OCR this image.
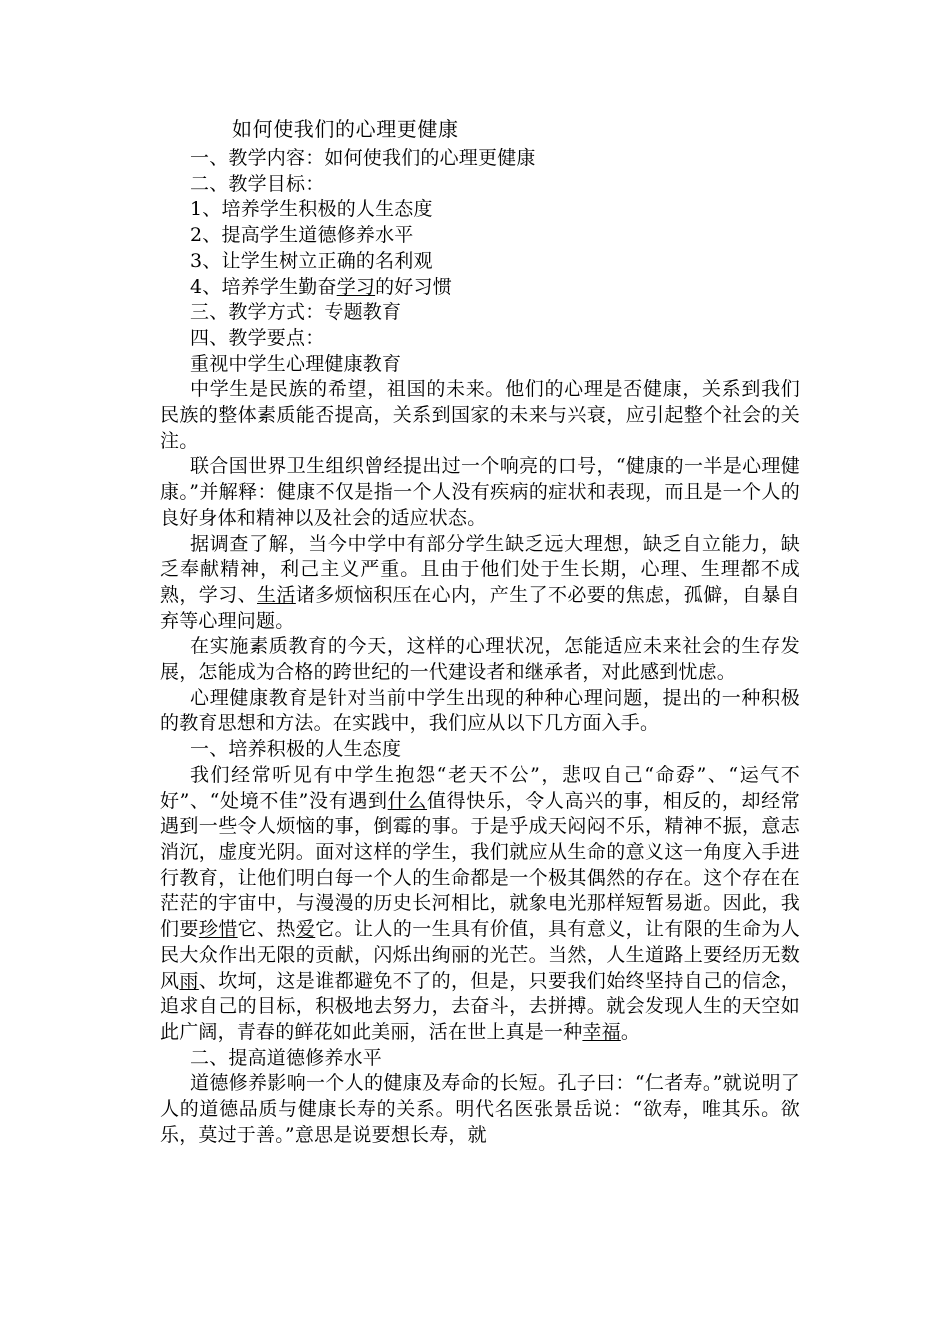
如何使我们的心理更健康

一、教学内容：如何使我们的心理更健康

二、教学目标：

1、培养学生积极的人生态度

2、提高学生道德修养水平

3、让学生树立正确的名利观

4、培养学生勤奋学习的好习惯

三、教学方式：专题教育

四、教学要点：

重视中学生心理健康教育

中学生是民族的希望，祖国的未来。他们的心理是否健康，关系到我们民族的整体素质能否提高，关系到国家的未来与兴衰，应引起整个社会的关注。

联合国世界卫生组织曾经提出过一个响亮的口号，“健康的一半是心理健康。”并解释：健康不仅是指一个人没有疾病的症状和表现，而且是一个人的良好身体和精神以及社会的适应状态。

据调查了解，当今中学中有部分学生缺乏远大理想，缺乏自立能力，缺乏奉献精神，利己主义严重。且由于他们处于生长期，心理、生理都不成熟，学习、生活诸多烦恼积压在心内，产生了不必要的焦虑，孤僻，自暴自弃等心理问题。

在实施素质教育的今天，这样的心理状况，怎能适应未来社会的生存发展，怎能成为合格的跨世纪的一代建设者和继承者，对此感到忧虑。

心理健康教育是针对当前中学生出现的种种心理问题，提出的一种积极的教育思想和方法。在实践中，我们应从以下几方面入手。

一、培养积极的人生态度

我们经常听见有中学生抱怨“老天不公”，悲叹自己“命孬”、“运气不好”、“处境不佳”没有遇到什么值得快乐，令人高兴的事，相反的，却经常遇到一些令人烦恼的事，倒霉的事。于是乎成天闷闷不乐，精神不振，意志消沉，虚度光阴。面对这样的学生，我们就应从生命的意义这一角度入手进行教育，让他们明白每一个人的生命都是一个极其偶然的存在。这个存在在茫茫的宇宙中，与漫漫的历史长河相比，就象电光那样短暂易逝。因此，我们要珍惜它、热爱它。让人的一生具有价值，具有意义，让有限的生命为人民大众作出无限的贡献，闪烁出绚丽的光芒。当然，人生道路上要经历无数风雨、坎坷，这是谁都避免不了的，但是，只要我们始终坚持自己的信念，追求自己的目标，积极地去努力，去奋斗，去拼搏。就会发现人生的天空如此广阔，青春的鲜花如此美丽，活在世上真是一种幸福。

二、提高道德修养水平

道德修养影响一个人的健康及寿命的长短。孔子曰：“仁者寿。”就说明了人的道德品质与健康长寿的关系。明代名医张景岳说：“欲寿，唯其乐。欲乐，莫过于善。”意思是说要想长寿，就
